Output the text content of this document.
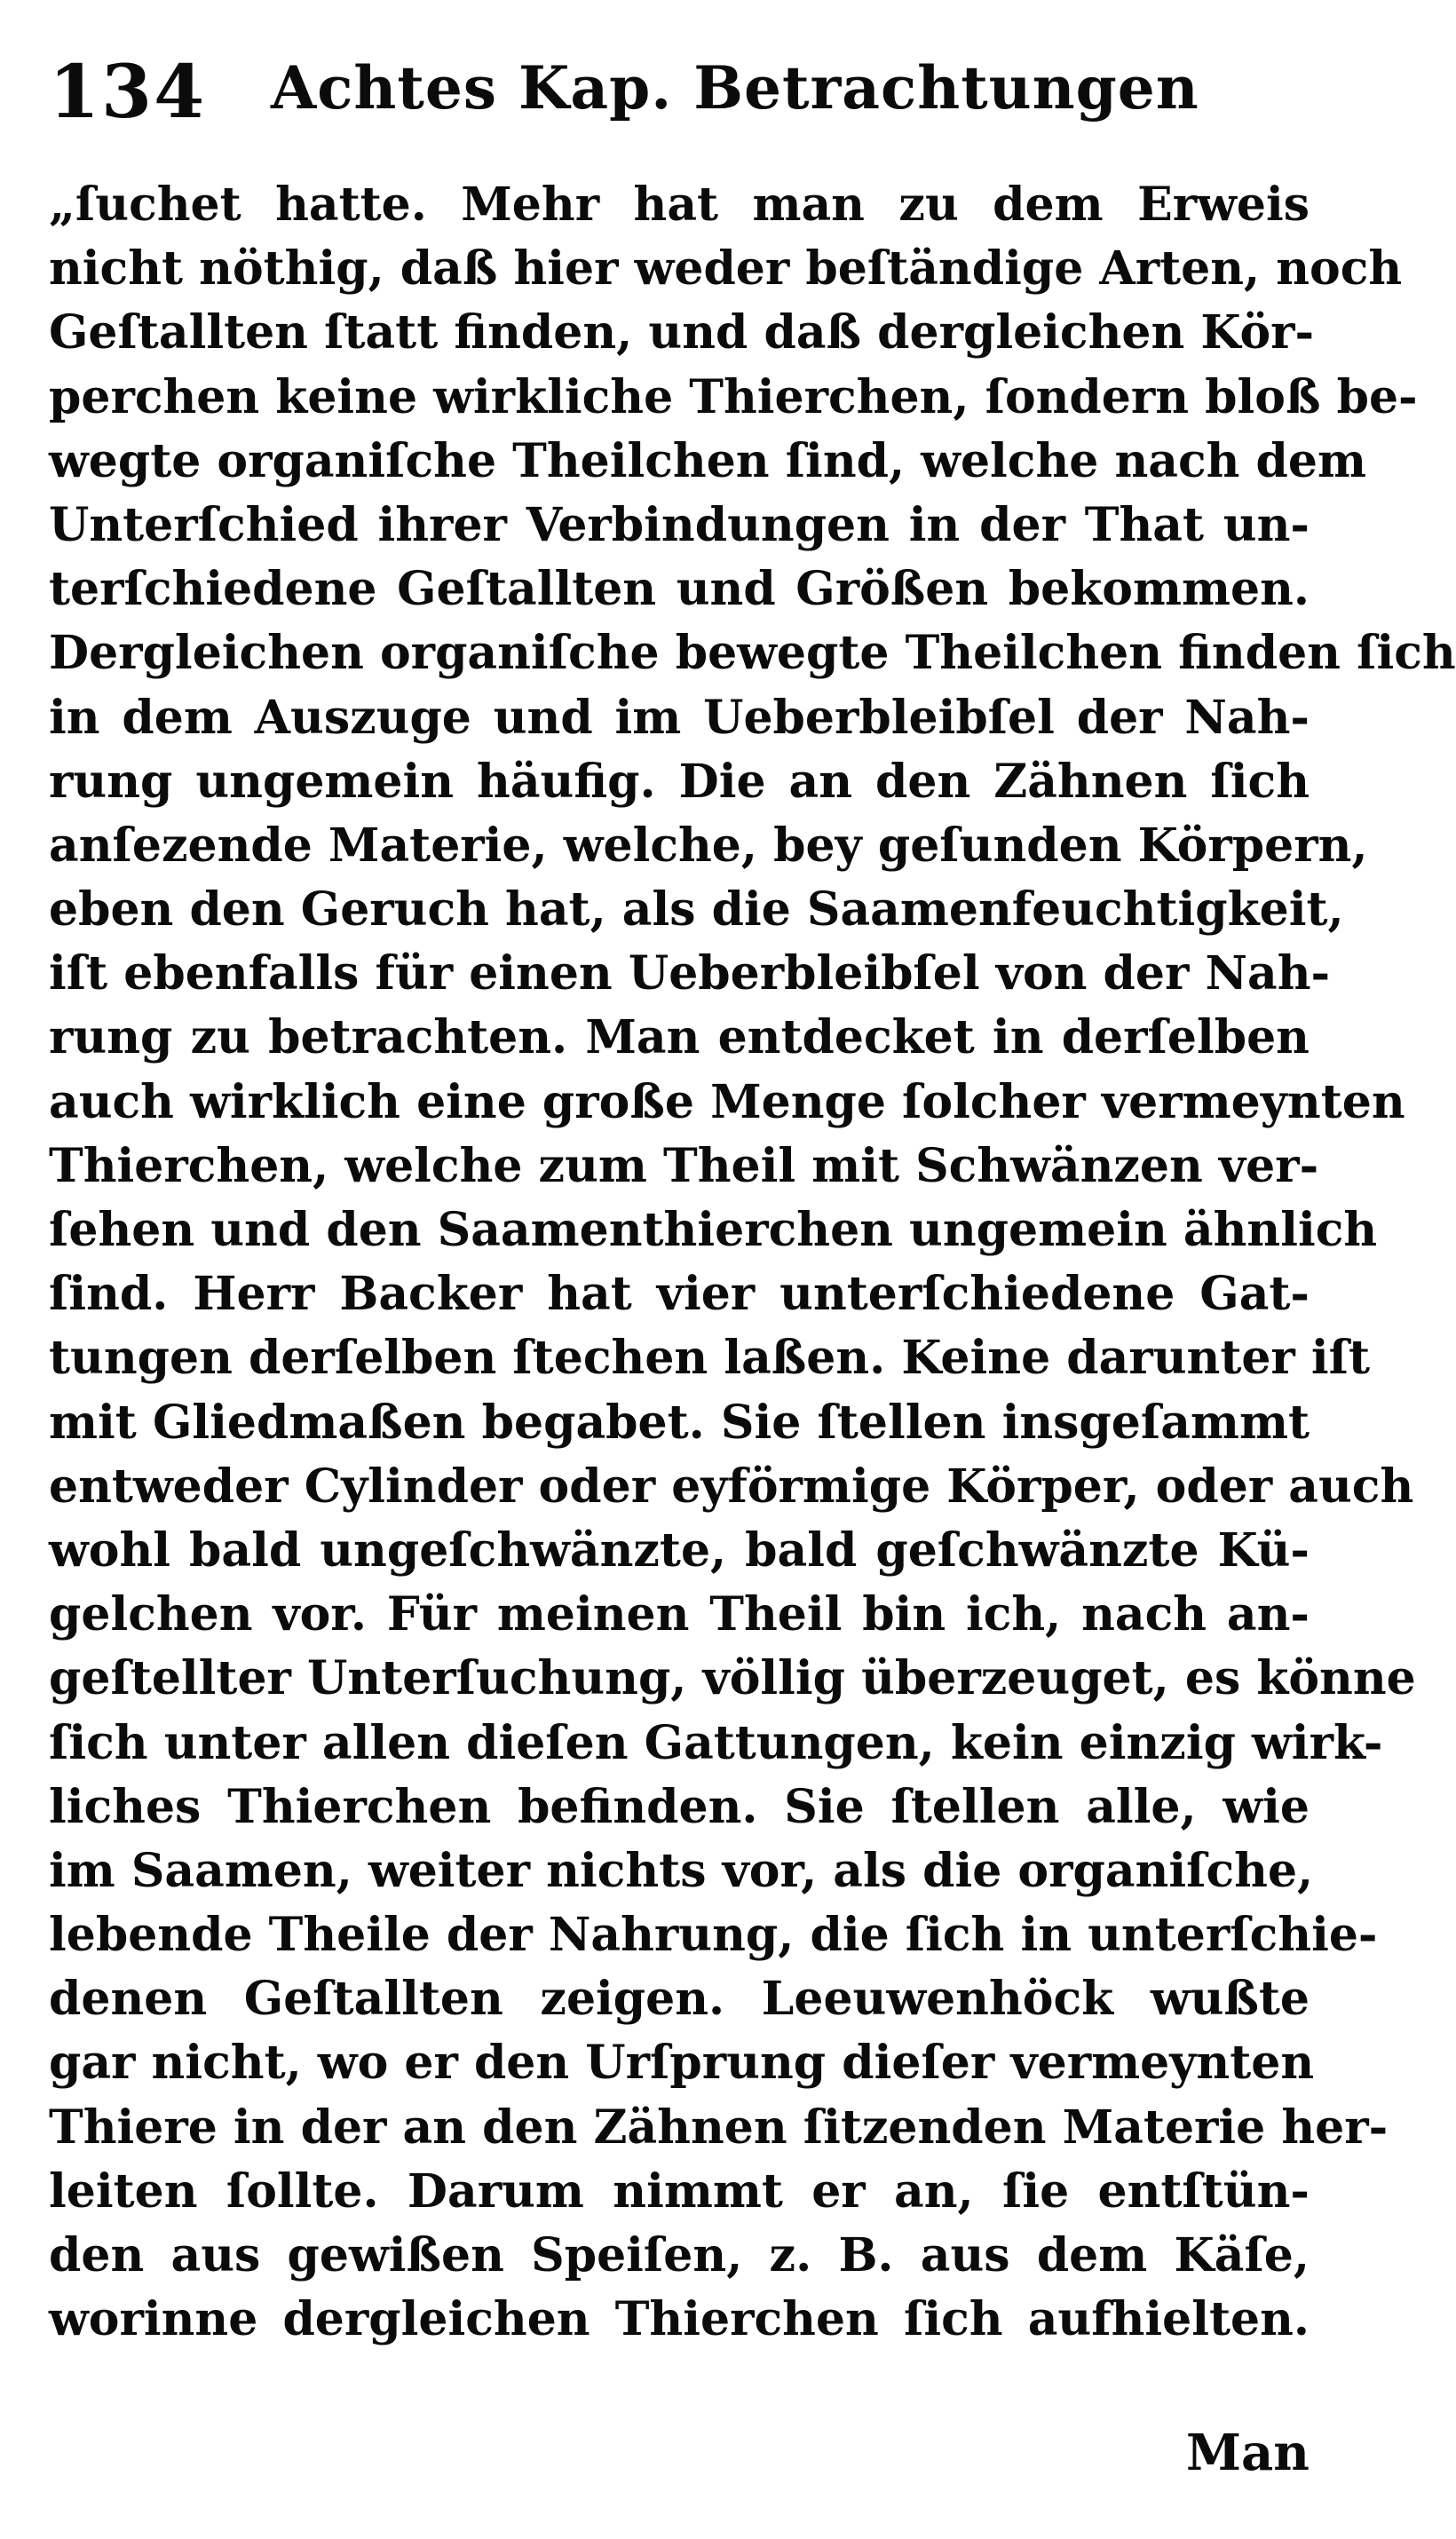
134 Achtes Kap. Betrachtungen
„ſuchet hatte. Mehr hat man zu dem Erweis
nicht nöthig, daß hier weder beſtändige Arten, noch
Geſtallten ſtatt finden, und daß dergleichen Kör-
perchen keine wirkliche Thierchen, ſondern bloß be-
wegte organiſche Theilchen ſind, welche nach dem
Unterſchied ihrer Verbindungen in der That un-
terſchiedene Geſtallten und Größen bekommen.
Dergleichen organiſche bewegte Theilchen finden ſich
in dem Auszuge und im Ueberbleibſel der Nah-
rung ungemein häufig. Die an den Zähnen ſich
anſezende Materie, welche, bey geſunden Körpern,
eben den Geruch hat, als die Saamenfeuchtigkeit,
iſt ebenfalls für einen Ueberbleibſel von der Nah-
rung zu betrachten. Man entdecket in derſelben
auch wirklich eine große Menge ſolcher vermeynten
Thierchen, welche zum Theil mit Schwänzen ver-
ſehen und den Saamenthierchen ungemein ähnlich
ſind. Herr Backer hat vier unterſchiedene Gat-
tungen derſelben ſtechen laßen. Keine darunter iſt
mit Gliedmaßen begabet. Sie ſtellen insgeſammt
entweder Cylinder oder eyförmige Körper, oder auch
wohl bald ungeſchwänzte, bald geſchwänzte Kü-
gelchen vor. Für meinen Theil bin ich, nach an-
geſtellter Unterſuchung, völlig überzeuget, es könne
ſich unter allen dieſen Gattungen, kein einzig wirk-
liches Thierchen befinden. Sie ſtellen alle, wie
im Saamen, weiter nichts vor, als die organiſche,
lebende Theile der Nahrung, die ſich in unterſchie-
denen Geſtallten zeigen. Leeuwenhöck wußte
gar nicht, wo er den Urſprung dieſer vermeynten
Thiere in der an den Zähnen ſitzenden Materie her-
leiten ſollte. Darum nimmt er an, ſie entſtün-
den aus gewißen Speiſen, z. B. aus dem Käſe,
worinne dergleichen Thierchen ſich aufhielten.
Man
